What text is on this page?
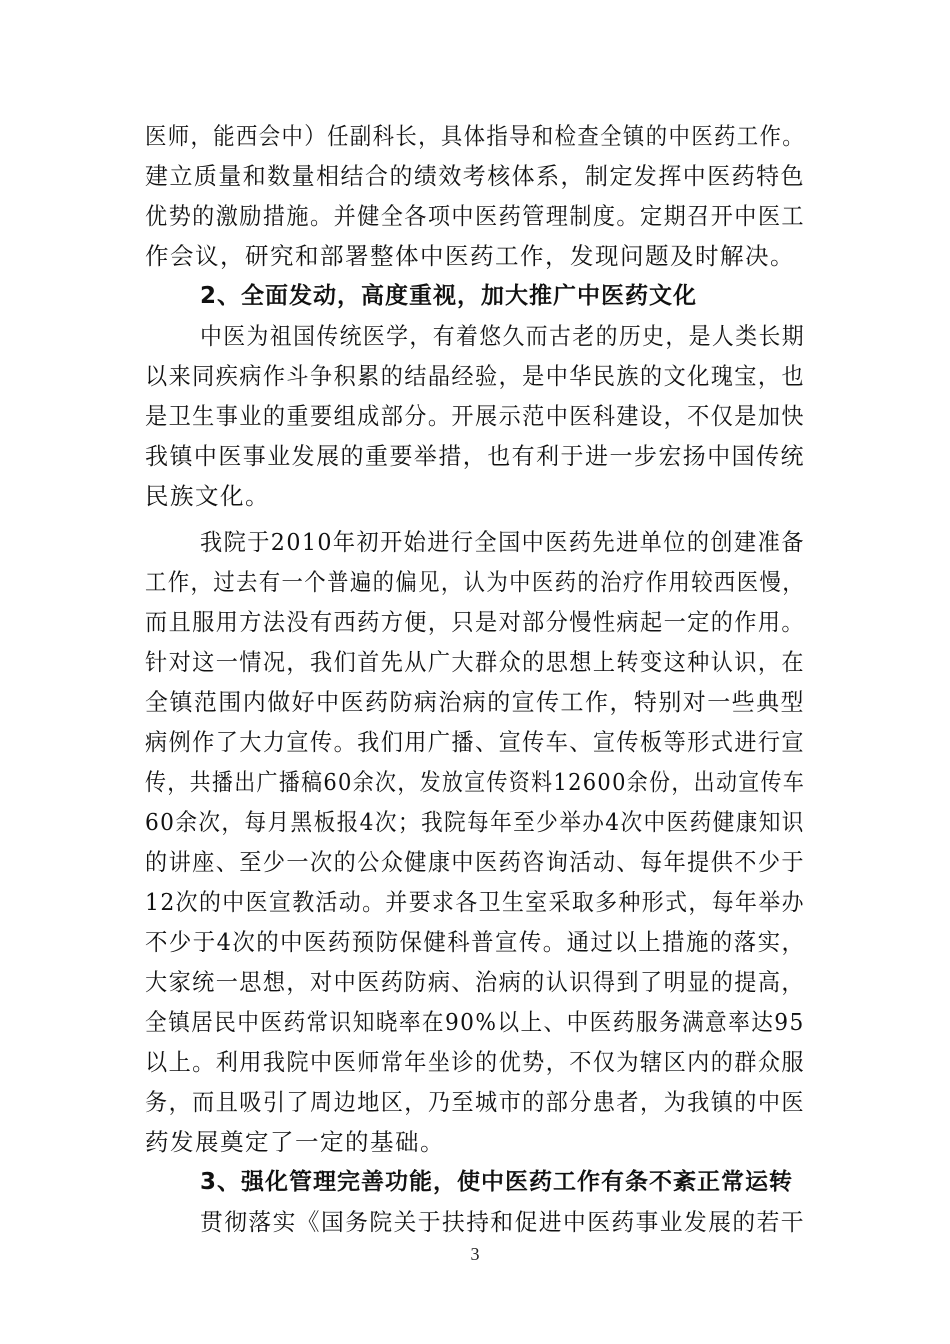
医师，能西会中）任副科长，具体指导和检查全镇的中医药工作。
建立质量和数量相结合的绩效考核体系，制定发挥中医药特色
优势的激励措施。并健全各项中医药管理制度。定期召开中医工
作会议，研究和部署整体中医药工作，发现问题及时解决。
2、全面发动，高度重视，加大推广中医药文化
中医为祖国传统医学，有着悠久而古老的历史，是人类长期
以来同疾病作斗争积累的结晶经验，是中华民族的文化瑰宝，也
是卫生事业的重要组成部分。开展示范中医科建设，不仅是加快
我镇中医事业发展的重要举措，也有利于进一步宏扬中国传统
民族文化。
我院于2010年初开始进行全国中医药先进单位的创建准备
工作，过去有一个普遍的偏见，认为中医药的治疗作用较西医慢，
而且服用方法没有西药方便，只是对部分慢性病起一定的作用。
针对这一情况，我们首先从广大群众的思想上转变这种认识，在
全镇范围内做好中医药防病治病的宣传工作，特别对一些典型
病例作了大力宣传。我们用广播、宣传车、宣传板等形式进行宣
传，共播出广播稿60余次，发放宣传资料12600余份，出动宣传车
60余次，每月黑板报4次；我院每年至少举办4次中医药健康知识
的讲座、至少一次的公众健康中医药咨询活动、每年提供不少于
12次的中医宣教活动。并要求各卫生室采取多种形式，每年举办
不少于4次的中医药预防保健科普宣传。通过以上措施的落实，
大家统一思想，对中医药防病、治病的认识得到了明显的提高，
全镇居民中医药常识知晓率在90%以上、中医药服务满意率达95
以上。利用我院中医师常年坐诊的优势，不仅为辖区内的群众服
务，而且吸引了周边地区，乃至城市的部分患者，为我镇的中医
药发展奠定了一定的基础。
3、强化管理完善功能，使中医药工作有条不紊正常运转
贯彻落实《国务院关于扶持和促进中医药事业发展的若干
3
